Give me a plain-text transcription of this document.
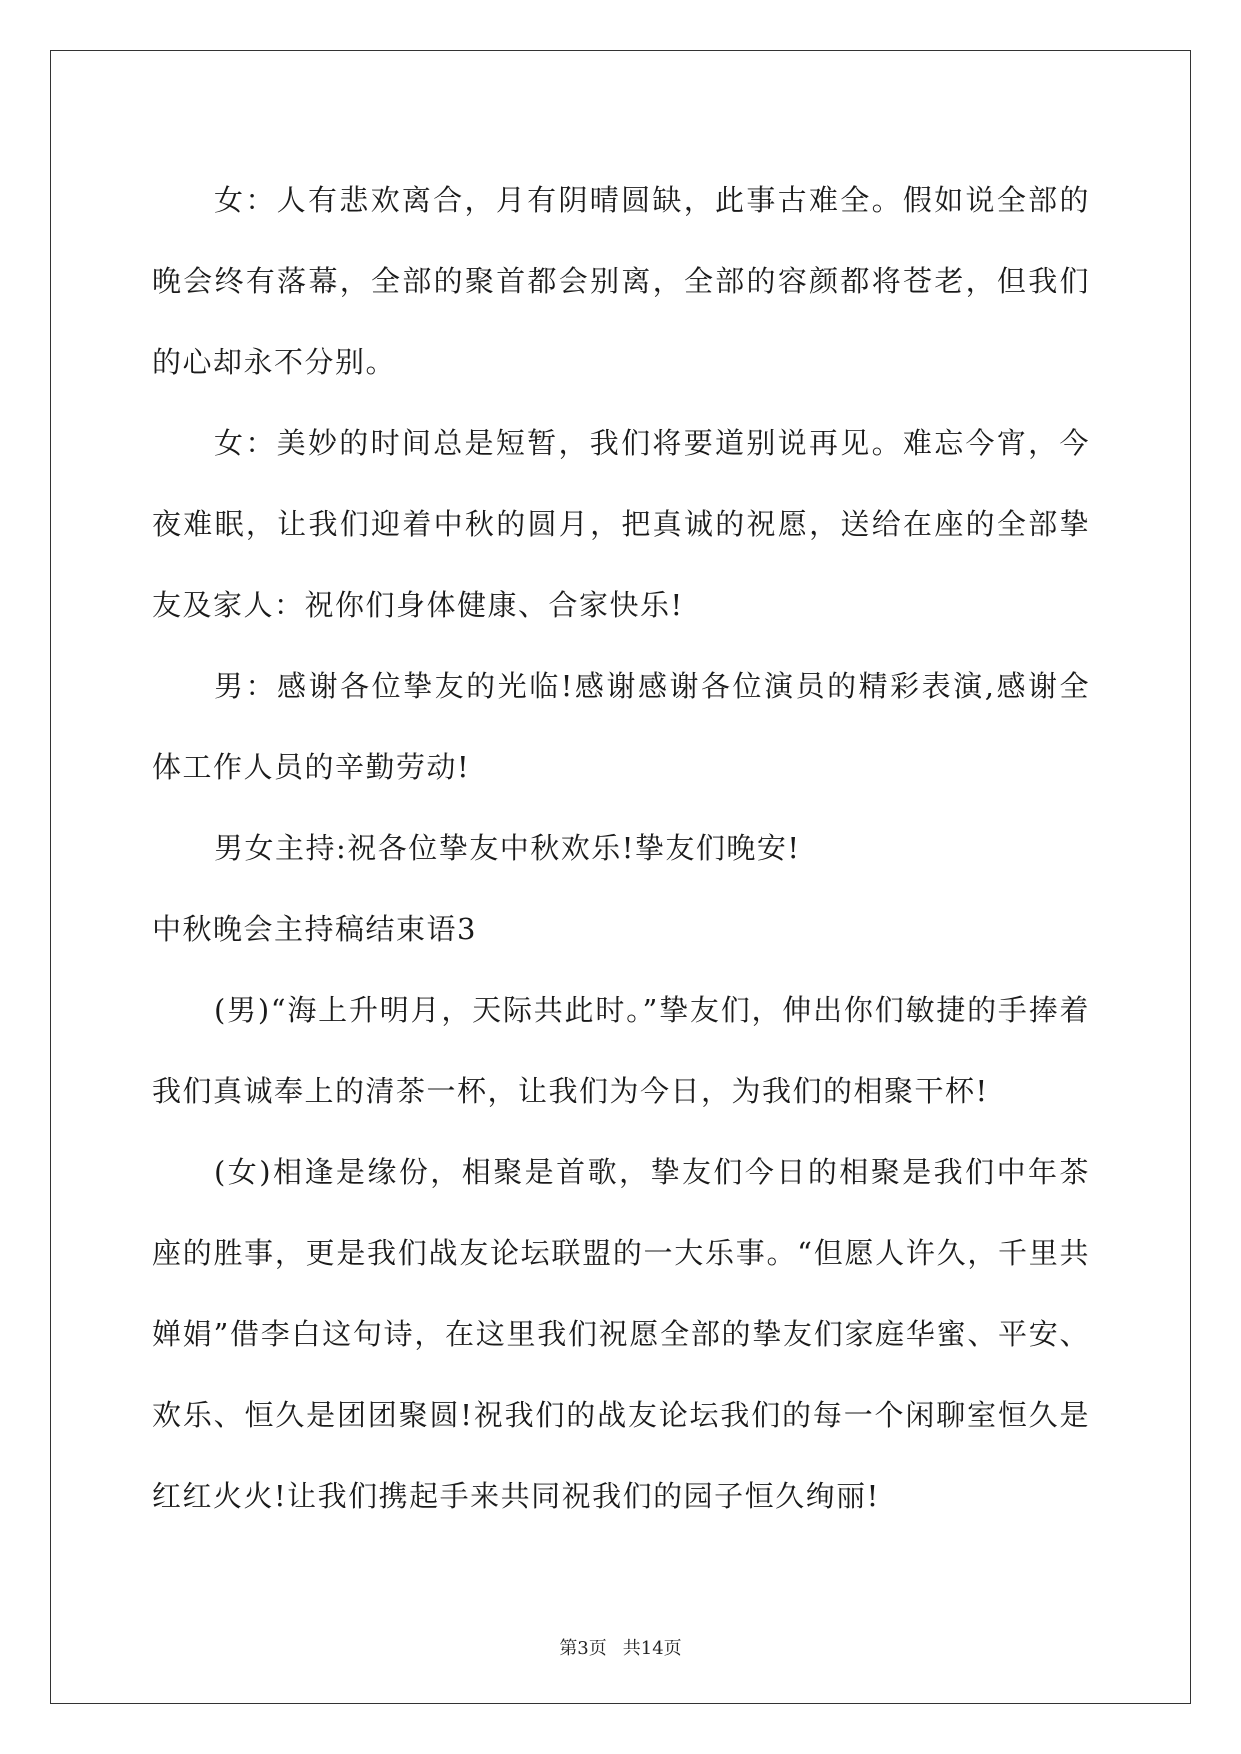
女：人有悲欢离合，月有阴晴圆缺，此事古难全。假如说全部的晚会终有落幕，全部的聚首都会别离，全部的容颜都将苍老，但我们的心却永不分别。

女：美妙的时间总是短暂，我们将要道别说再见。难忘今宵，今夜难眠，让我们迎着中秋的圆月，把真诚的祝愿，送给在座的全部挚友及家人：祝你们身体健康、合家快乐!

男：感谢各位挚友的光临!感谢感谢各位演员的精彩表演,感谢全体工作人员的辛勤劳动!

男女主持:祝各位挚友中秋欢乐!挚友们晚安!

中秋晚会主持稿结束语3

(男)“海上升明月，天际共此时。”挚友们，伸出你们敏捷的手捧着我们真诚奉上的清茶一杯，让我们为今日，为我们的相聚干杯!

(女)相逢是缘份，相聚是首歌，挚友们今日的相聚是我们中年茶座的胜事，更是我们战友论坛联盟的一大乐事。“但愿人许久，千里共婵娟”借李白这句诗，在这里我们祝愿全部的挚友们家庭华蜜、平安、欢乐、恒久是团团聚圆!祝我们的战友论坛我们的每一个闲聊室恒久是红红火火!让我们携起手来共同祝我们的园子恒久绚丽!

第3页 共14页
